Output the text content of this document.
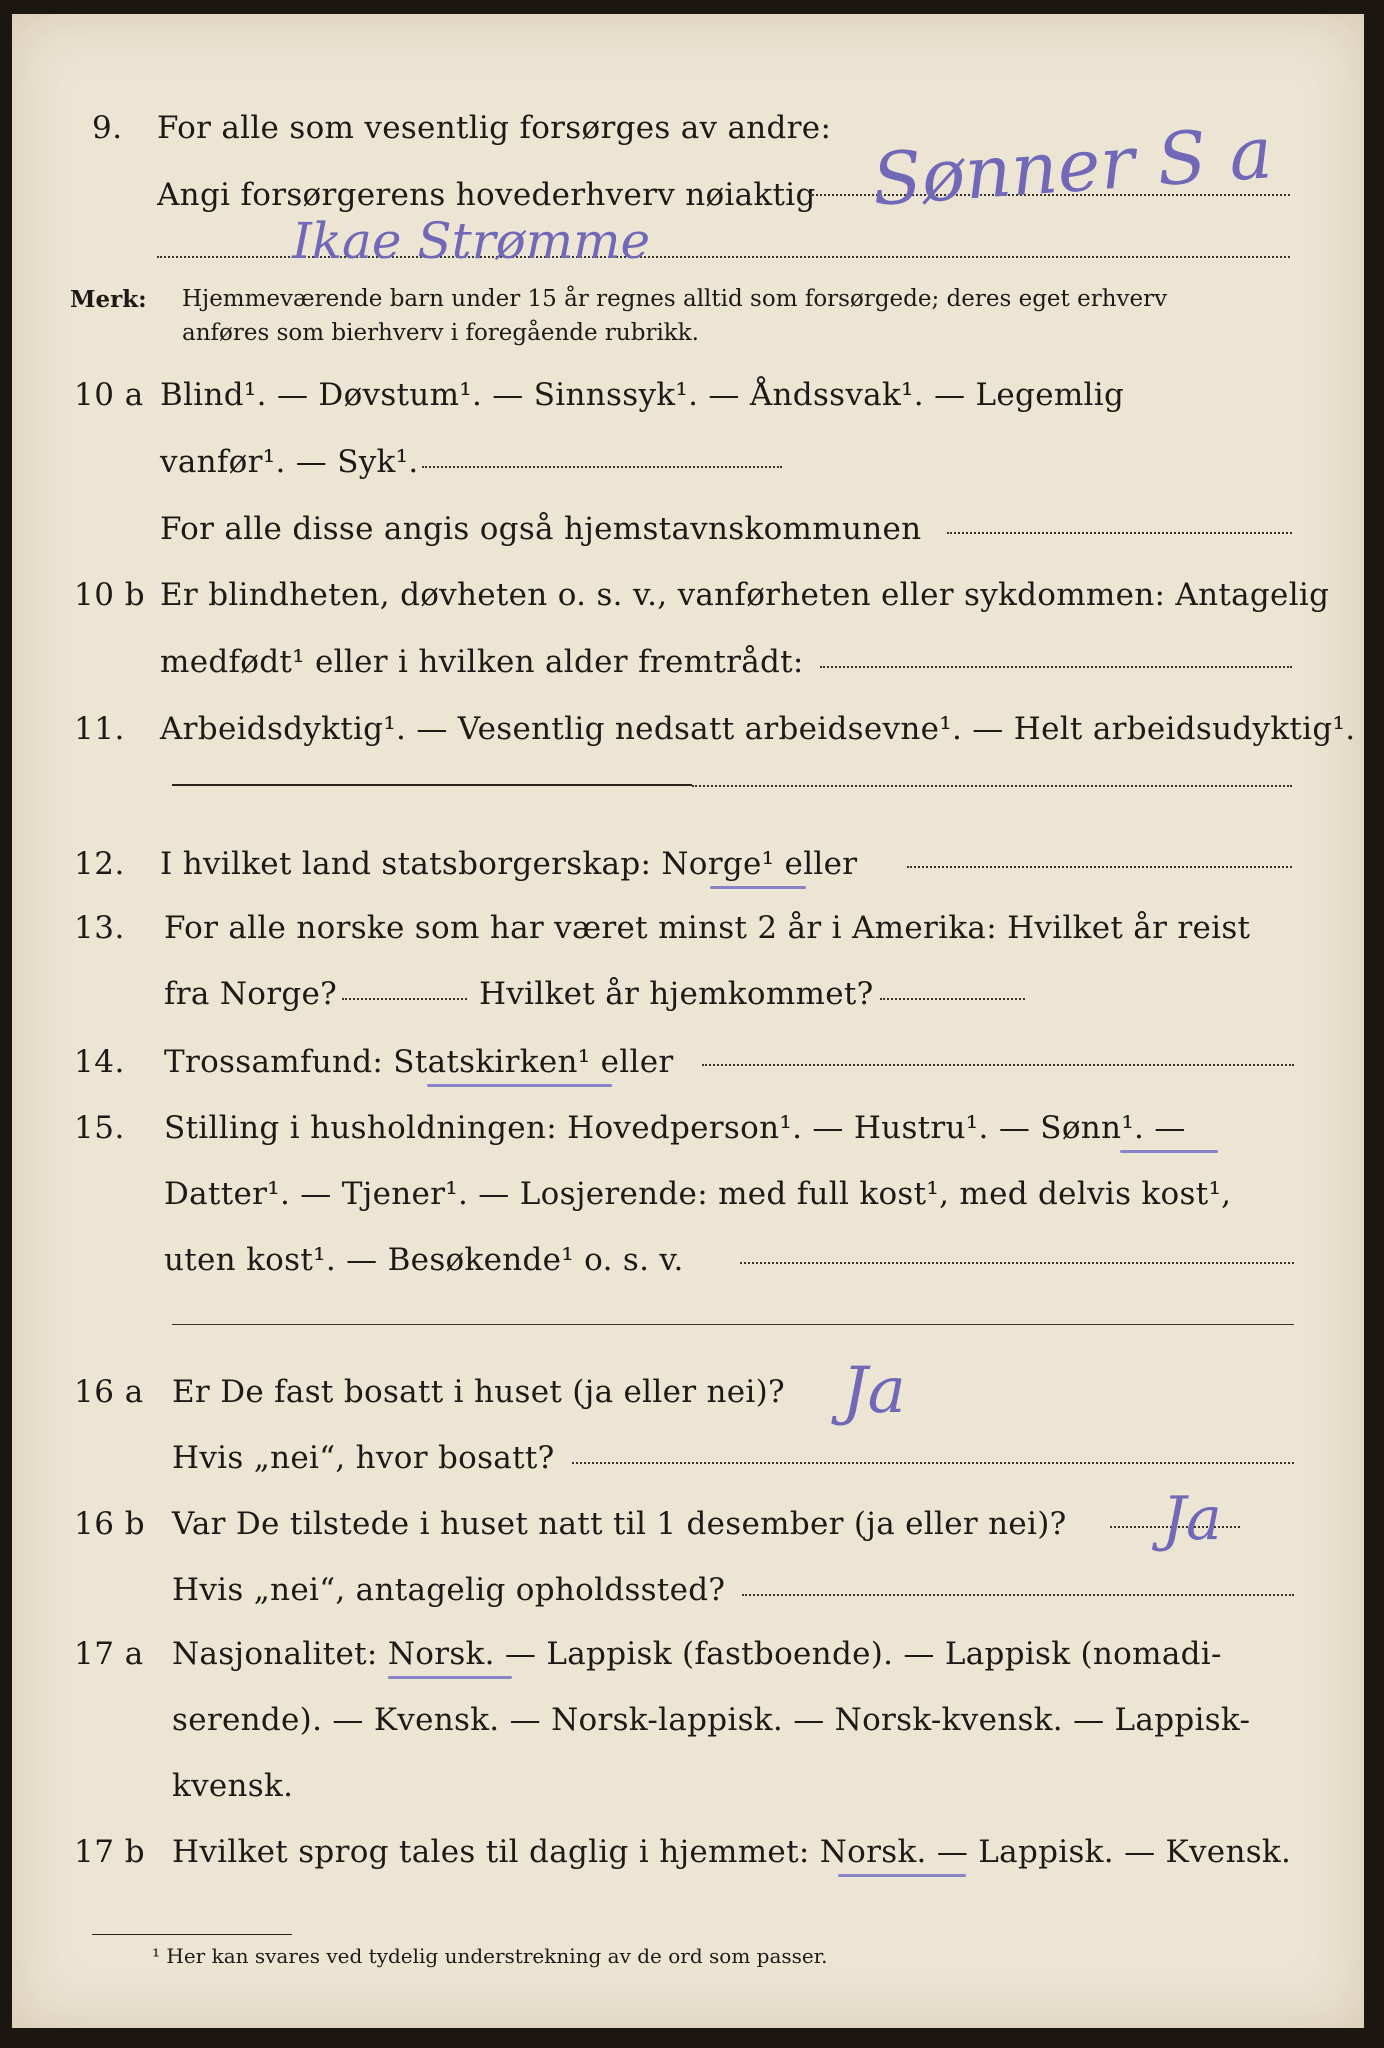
9. For alle som vesentlig forsørges av andre:
Angi forsørgerens hovederhverv nøiaktig Sønner S a
Ikae Strømme
Merk: Hjemmeværende barn under 15 år regnes alltid som forsørgede; deres eget erhverv
anføres som bierhverv i foregående rubrikk.
10 a Blind¹. — Døvstum¹. — Sinnssyk¹. — Åndssvak¹. — Legemlig
vanfør¹. — Syk¹.
For alle disse angis også hjemstavnskommunen
10 b Er blindheten, døvheten o. s. v., vanførheten eller sykdommen: Antagelig
medfødt¹ eller i hvilken alder fremtrådt:
11. Arbeidsdyktig¹. — Vesentlig nedsatt arbeidsevne¹. — Helt arbeidsudyktig¹.
12. I hvilket land statsborgerskap: Norge¹ eller
13. For alle norske som har været minst 2 år i Amerika: Hvilket år reist
fra Norge?	Hvilket år hjemkommet?
14. Trossamfund: Statskirken¹ eller
15. Stilling i husholdningen: Hovedperson¹. — Hustru¹. — Sønn¹. —
Datter¹. — Tjener¹. — Losjerende: med full kost¹, med delvis kost¹,
uten kost¹. — Besøkende¹ o. s. v.
16 a Er De fast bosatt i huset (ja eller nei)? Ja
Hvis „nei“, hvor bosatt?
16 b Var De tilstede i huset natt til 1 desember (ja eller nei)? Ja
Hvis „nei“, antagelig opholdssted?
17 a Nasjonalitet: Norsk. — Lappisk (fastboende). — Lappisk (nomadi-
serende). — Kvensk. — Norsk-lappisk. — Norsk-kvensk. — Lappisk-
kvensk.
17 b Hvilket sprog tales til daglig i hjemmet: Norsk. — Lappisk. — Kvensk.
¹ Her kan svares ved tydelig understrekning av de ord som passer.
